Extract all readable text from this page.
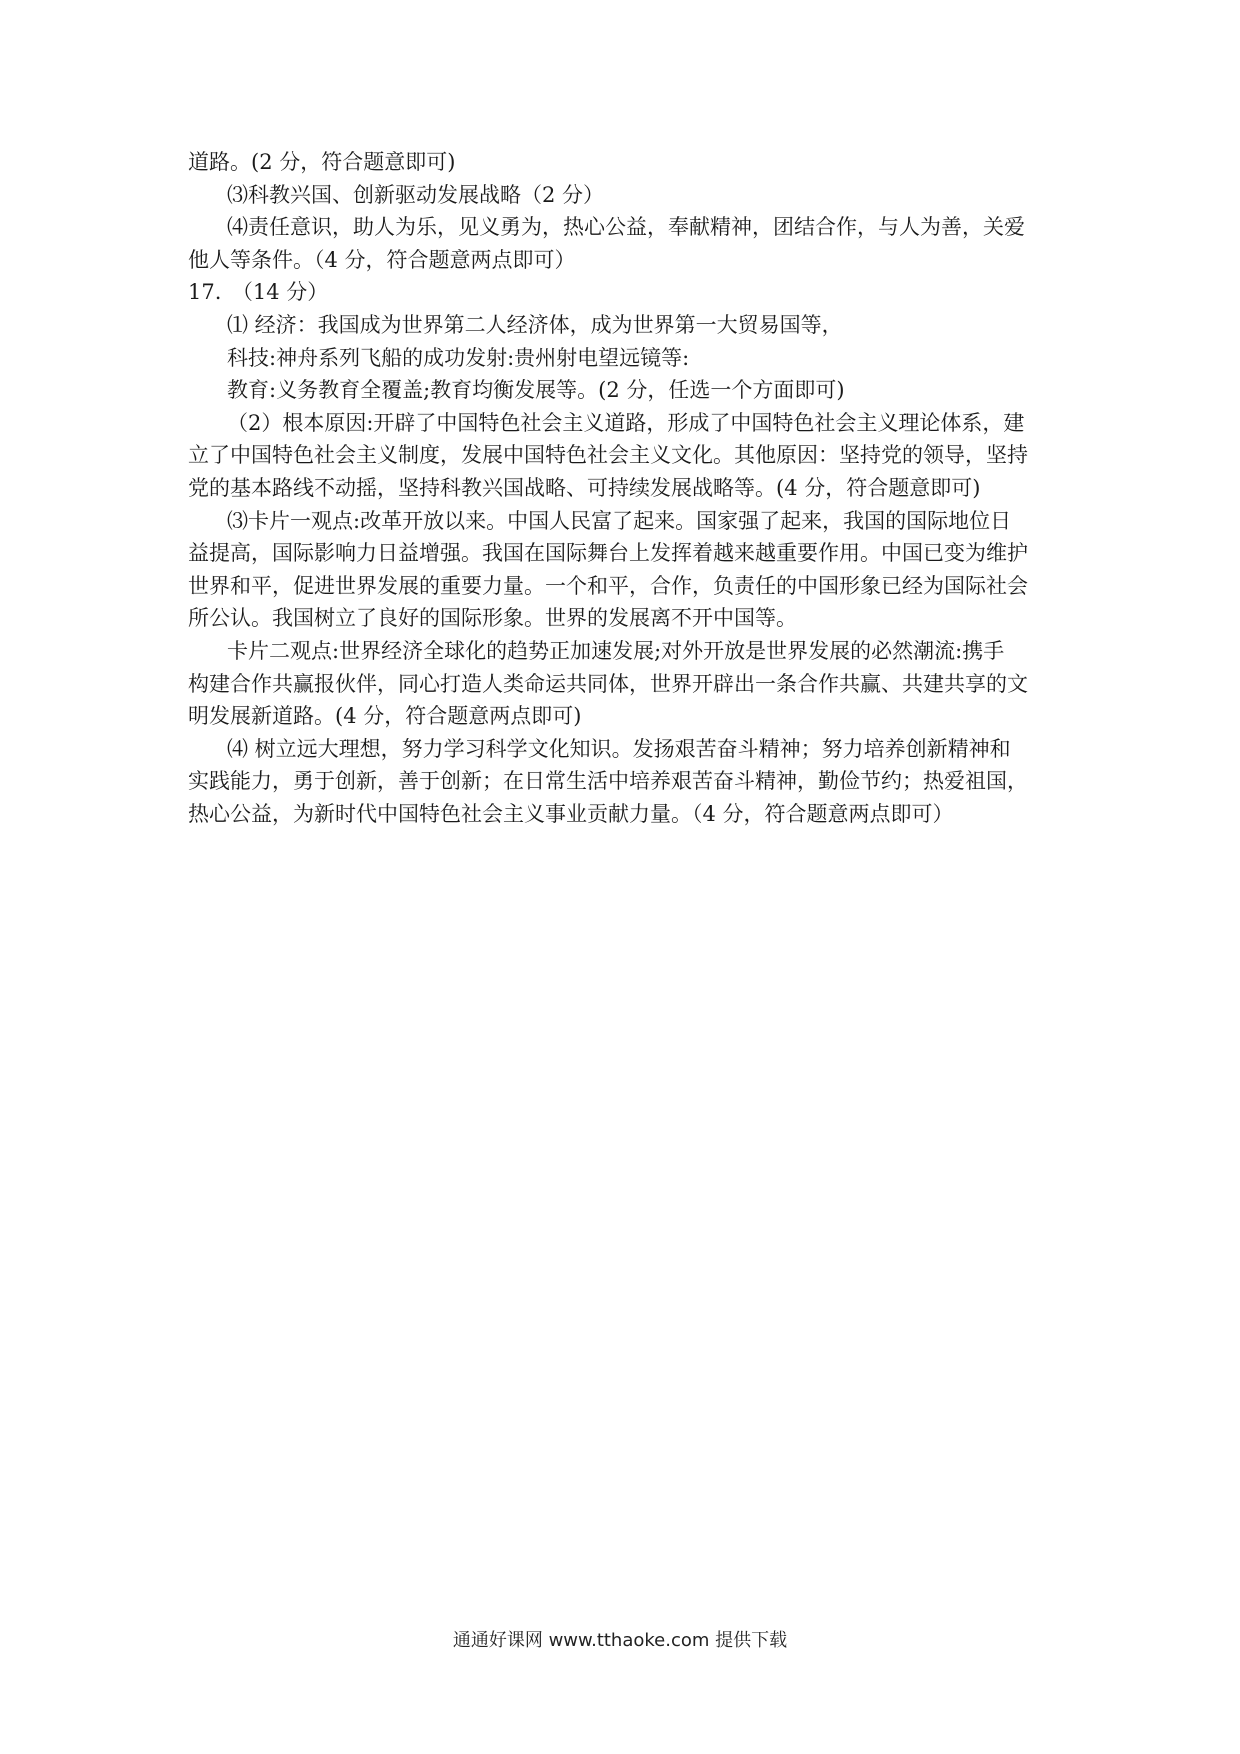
道路。(2 分，符合题意即可)
⑶科教兴国、创新驱动发展战略（2 分）
⑷责任意识，助人为乐，见义勇为，热心公益，奉献精神，团结合作，与人为善，关爱
他人等条件。（4 分，符合题意两点即可）
17.　（14 分）
⑴ 经济：我国成为世界第二人经济体，成为世界第一大贸易国等，
科技:神舟系列飞船的成功发射:贵州射电望远镜等:
教育:义务教育全覆盖;教育均衡发展等。(2 分，任选一个方面即可)
（2）根本原因:开辟了中国特色社会主义道路，形成了中国特色社会主义理论体系，建
立了中国特色社会主义制度，发展中国特色社会主义文化。其他原因：坚持党的领导，坚持
党的基本路线不动摇，坚持科教兴国战略、可持续发展战略等。(4 分，符合题意即可)
⑶卡片一观点:改革开放以来。中国人民富了起来。国家强了起来，我国的国际地位日
益提高，国际影响力日益增强。我国在国际舞台上发挥着越来越重要作用。中国已变为维护
世界和平，促进世界发展的重要力量。一个和平，合作，负责任的中国形象已经为国际社会
所公认。我国树立了良好的国际形象。世界的发展离不开中国等。
卡片二观点:世界经济全球化的趋势正加速发展;对外开放是世界发展的必然潮流:携手
构建合作共赢报伙伴，同心打造人类命运共同体，世界开辟出一条合作共赢、共建共享的文
明发展新道路。(4 分，符合题意两点即可)
⑷ 树立远大理想，努力学习科学文化知识。发扬艰苦奋斗精神；努力培养创新精神和
实践能力，勇于创新，善于创新；在日常生活中培养艰苦奋斗精神，勤俭节约；热爱祖国，
热心公益，为新时代中国特色社会主义事业贡献力量。（4 分，符合题意两点即可）
通通好课网 www.tthaoke.com 提供下载
